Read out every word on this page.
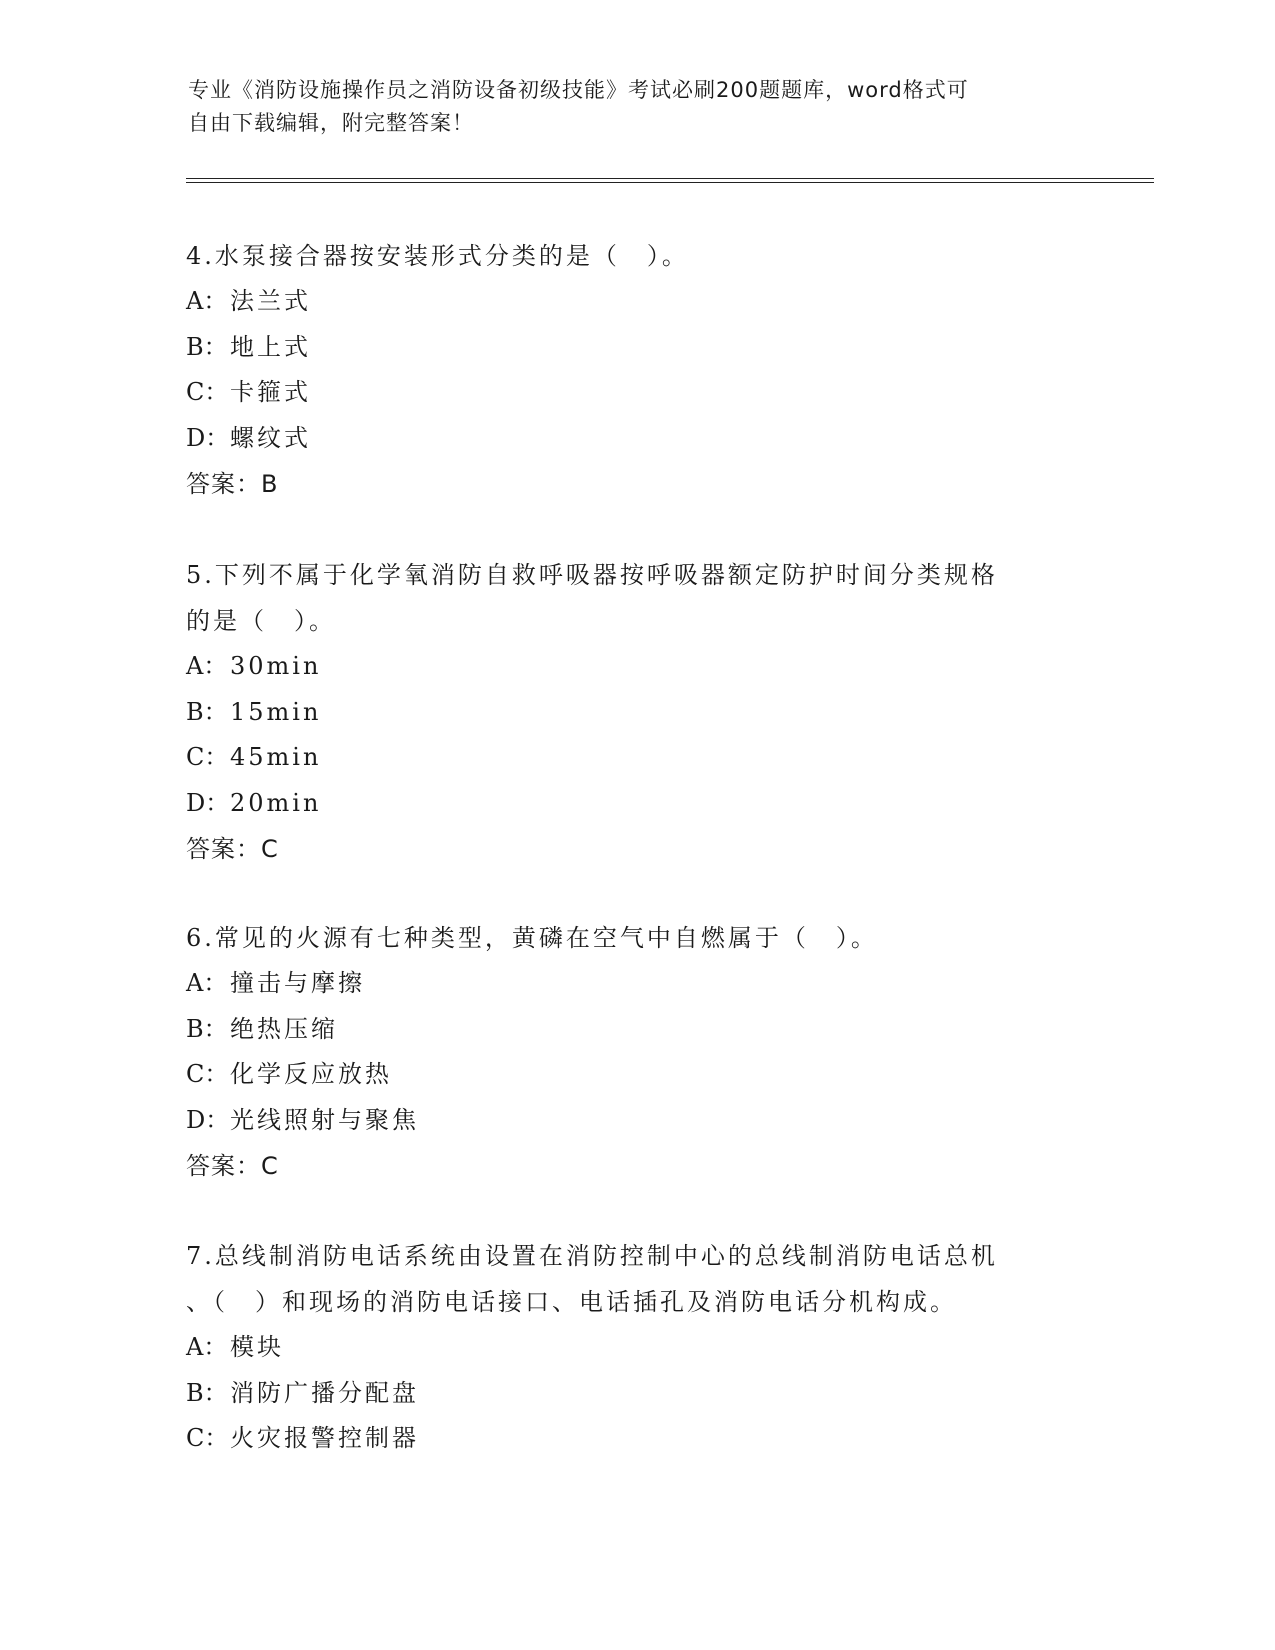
专业《消防设施操作员之消防设备初级技能》考试必刷200题题库，word格式可
自由下载编辑，附完整答案！
4.水泵接合器按安装形式分类的是（　）。
A： 法兰式
B：地上式
C：卡箍式
D：螺纹式
答案：B
5.下列不属于化学氧消防自救呼吸器按呼吸器额定防护时间分类规格
的是（　）。
A： 30min
B：15min
C：45min
D：20min
答案：C
6.常见的火源有七种类型，黄磷在空气中自燃属于（　）。
A： 撞击与摩擦
B：绝热压缩
C：化学反应放热
D：光线照射与聚焦
答案：C
7.总线制消防电话系统由设置在消防控制中心的总线制消防电话总机
、（　）和现场的消防电话接口、电话插孔及消防电话分机构成。
A： 模块
B：消防广播分配盘
C：火灾报警控制器
